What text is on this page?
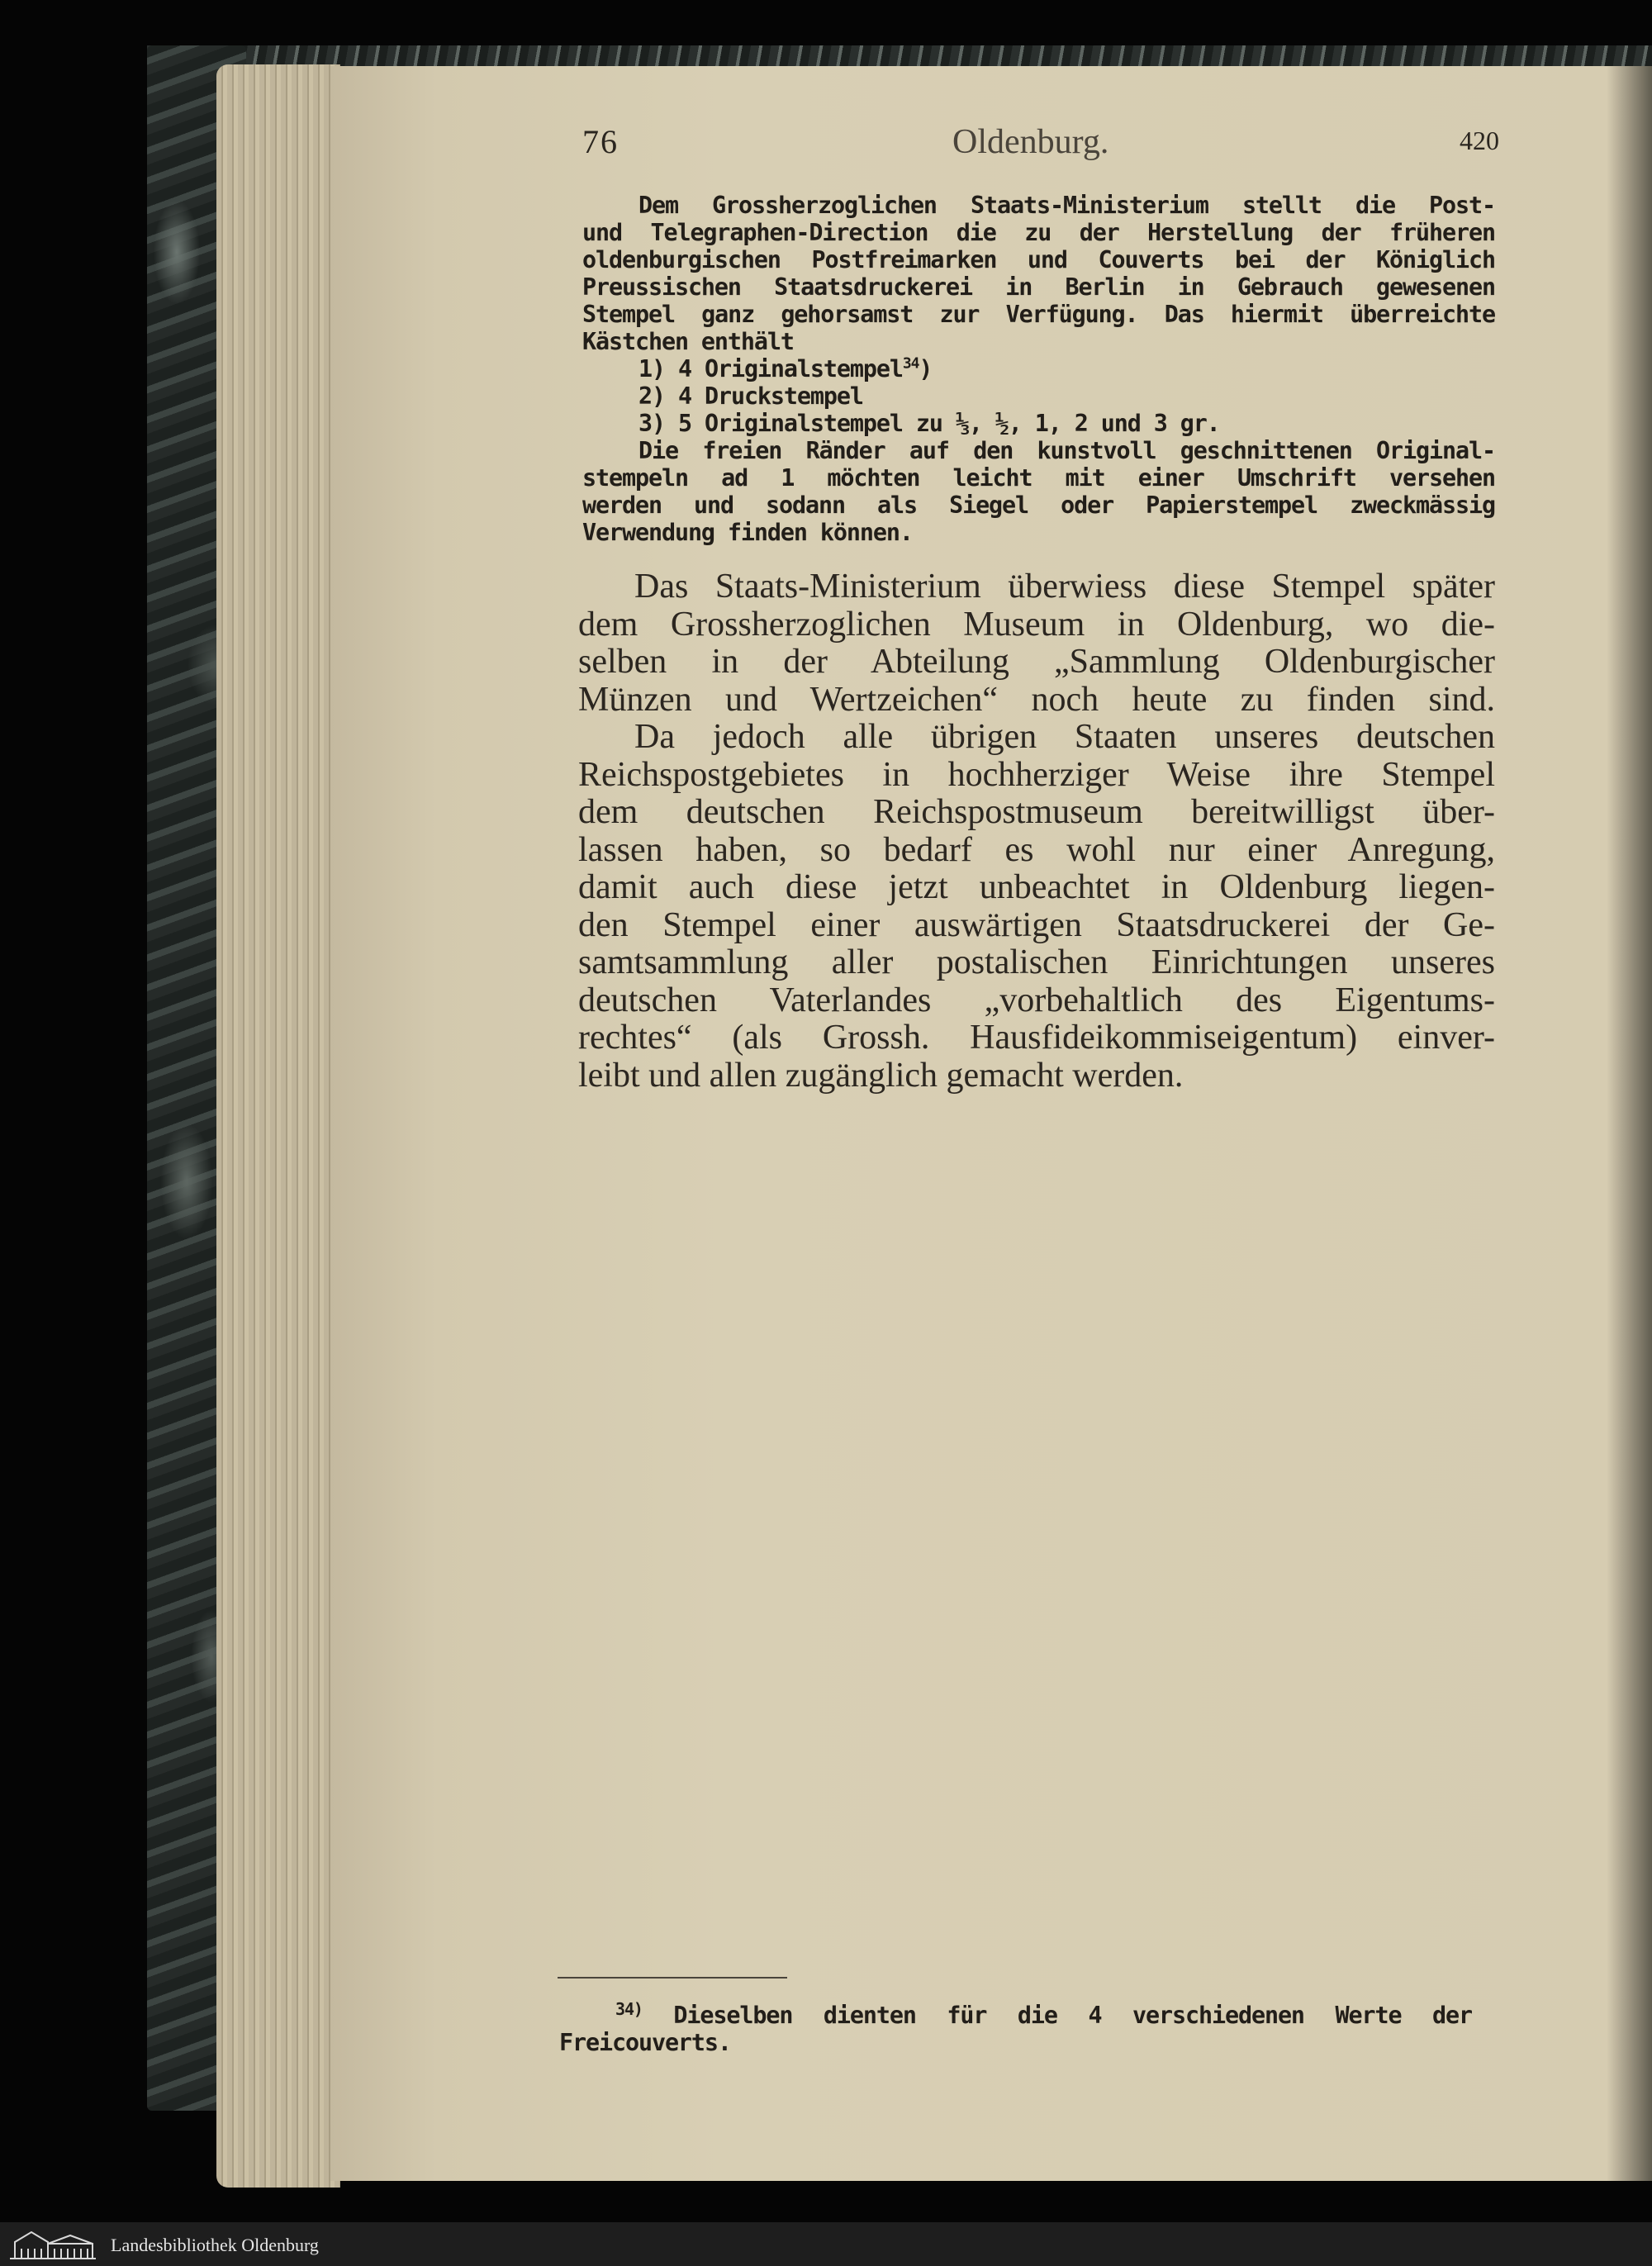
76	Oldenburg.	420
Dem Grossherzoglichen Staats-Ministerium stellt die Post-
und Telegraphen-Direction die zu der Herstellung der früheren
oldenburgischen Postfreimarken und Couverts bei der Königlich
Preussischen Staatsdruckerei in Berlin in Gebrauch gewesenen
Stempel ganz gehorsamst zur Verfügung. Das hiermit überreichte
Kästchen enthält
1) 4 Originalstempel$^{34}$)
2) 4 Druckstempel
3) 5 Originalstempel zu ⅓, ½, 1, 2 und 3 gr.
Die freien Ränder auf den kunstvoll geschnittenen Original-
stempeln ad 1 möchten leicht mit einer Umschrift versehen
werden und sodann als Siegel oder Papierstempel zweckmässig
Verwendung finden können.
Das Staats-Ministerium überwiess diese Stempel später
dem Grossherzoglichen Museum in Oldenburg, wo die-
selben in der Abteilung „Sammlung Oldenburgischer
Münzen und Wertzeichen“ noch heute zu finden sind.
Da jedoch alle übrigen Staaten unseres deutschen
Reichspostgebietes in hochherziger Weise ihre Stempel
dem deutschen Reichspostmuseum bereitwilligst über-
lassen haben, so bedarf es wohl nur einer Anregung,
damit auch diese jetzt unbeachtet in Oldenburg liegen-
den Stempel einer auswärtigen Staatsdruckerei der Ge-
samtsammlung aller postalischen Einrichtungen unseres
deutschen Vaterlandes „vorbehaltlich des Eigentums-
rechtes“ (als Grossh. Hausfideikommiseigentum) einver-
leibt und allen zugänglich gemacht werden.
$^{34)}$ Dieselben dienten für die 4 verschiedenen Werte der
Freicouverts.
Landesbibliothek Oldenburg
